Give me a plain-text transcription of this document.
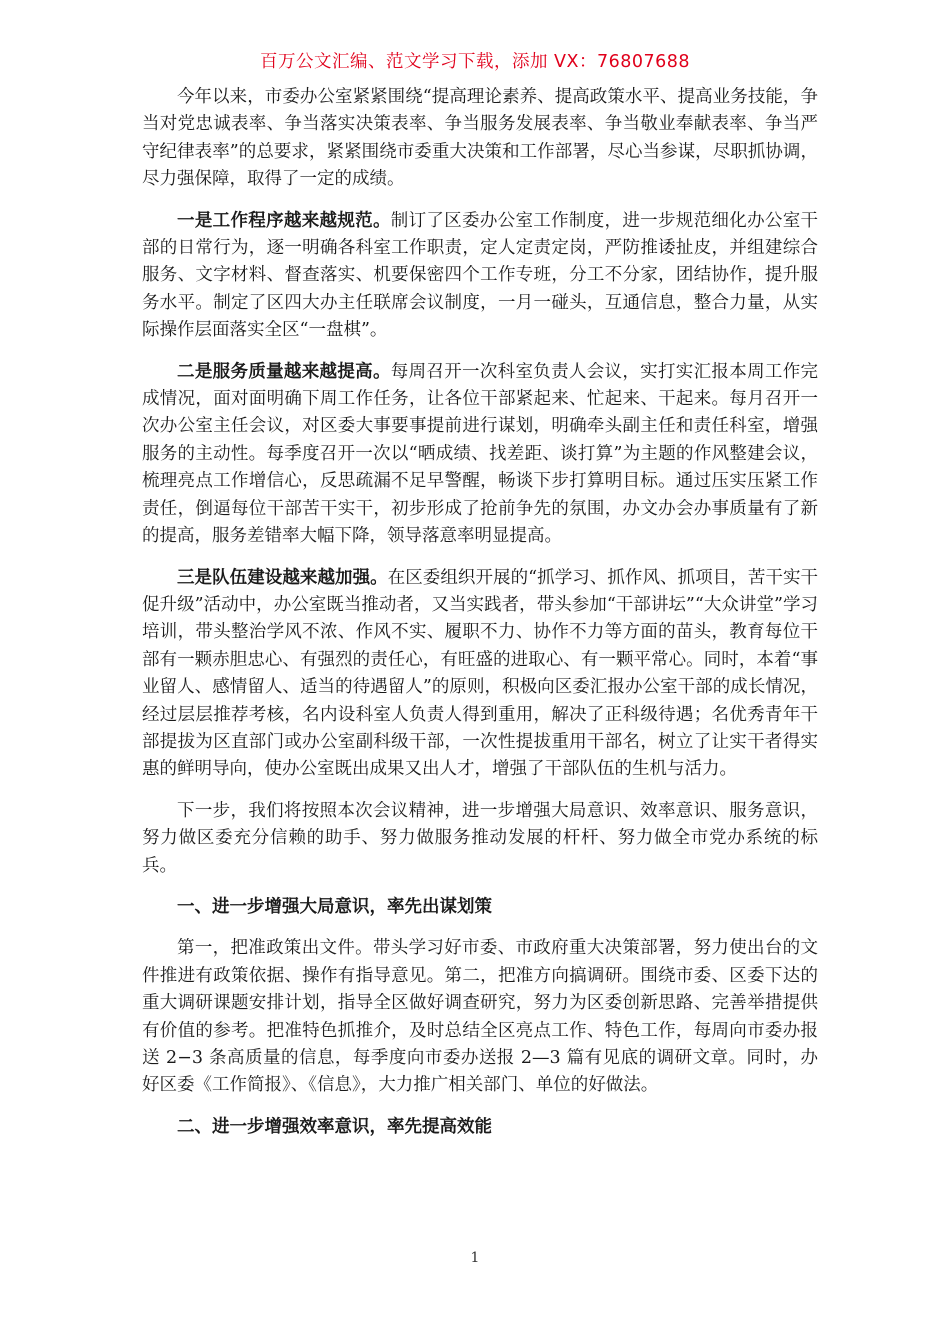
百万公文汇编、范文学习下载，添加 VX：76807688

今年以来，市委办公室紧紧围绕“提高理论素养、提高政策水平、提高业务技能，争当对党忠诚表率、争当落实决策表率、争当服务发展表率、争当敬业奉献表率、争当严守纪律表率”的总要求，紧紧围绕市委重大决策和工作部署，尽心当参谋，尽职抓协调，尽力强保障，取得了一定的成绩。

一是工作程序越来越规范。制订了区委办公室工作制度，进一步规范细化办公室干部的日常行为，逐一明确各科室工作职责，定人定责定岗，严防推诿扯皮，并组建综合服务、文字材料、督查落实、机要保密四个工作专班，分工不分家，团结协作，提升服务水平。制定了区四大办主任联席会议制度，一月一碰头，互通信息，整合力量，从实际操作层面落实全区“一盘棋”。

二是服务质量越来越提高。每周召开一次科室负责人会议，实打实汇报本周工作完成情况，面对面明确下周工作任务，让各位干部紧起来、忙起来、干起来。每月召开一次办公室主任会议，对区委大事要事提前进行谋划，明确牵头副主任和责任科室，增强服务的主动性。每季度召开一次以“晒成绩、找差距、谈打算”为主题的作风整建会议，梳理亮点工作增信心，反思疏漏不足早警醒，畅谈下步打算明目标。通过压实压紧工作责任，倒逼每位干部苦干实干，初步形成了抢前争先的氛围，办文办会办事质量有了新的提高，服务差错率大幅下降，领导落意率明显提高。

三是队伍建设越来越加强。在区委组织开展的“抓学习、抓作风、抓项目，苦干实干促升级”活动中，办公室既当推动者，又当实践者，带头参加“干部讲坛”“大众讲堂”学习培训，带头整治学风不浓、作风不实、履职不力、协作不力等方面的苗头，教育每位干部有一颗赤胆忠心、有强烈的责任心，有旺盛的进取心、有一颗平常心。同时，本着“事业留人、感情留人、适当的待遇留人”的原则，积极向区委汇报办公室干部的成长情况，经过层层推荐考核，名内设科室人负责人得到重用，解决了正科级待遇；名优秀青年干部提拔为区直部门或办公室副科级干部，一次性提拔重用干部名，树立了让实干者得实惠的鲜明导向，使办公室既出成果又出人才，增强了干部队伍的生机与活力。

下一步，我们将按照本次会议精神，进一步增强大局意识、效率意识、服务意识，努力做区委充分信赖的助手、努力做服务推动发展的杆杆、努力做全市党办系统的标兵。

一、进一步增强大局意识，率先出谋划策

第一，把准政策出文件。带头学习好市委、市政府重大决策部署，努力使出台的文件推进有政策依据、操作有指导意见。第二，把准方向搞调研。围绕市委、区委下达的重大调研课题安排计划，指导全区做好调查研究，努力为区委创新思路、完善举措提供有价值的参考。把准特色抓推介，及时总结全区亮点工作、特色工作，每周向市委办报送 2−3 条高质量的信息，每季度向市委办送报 2—3 篇有见底的调研文章。同时，办好区委《工作简报》、《信息》，大力推广相关部门、单位的好做法。

二、进一步增强效率意识，率先提高效能

1
